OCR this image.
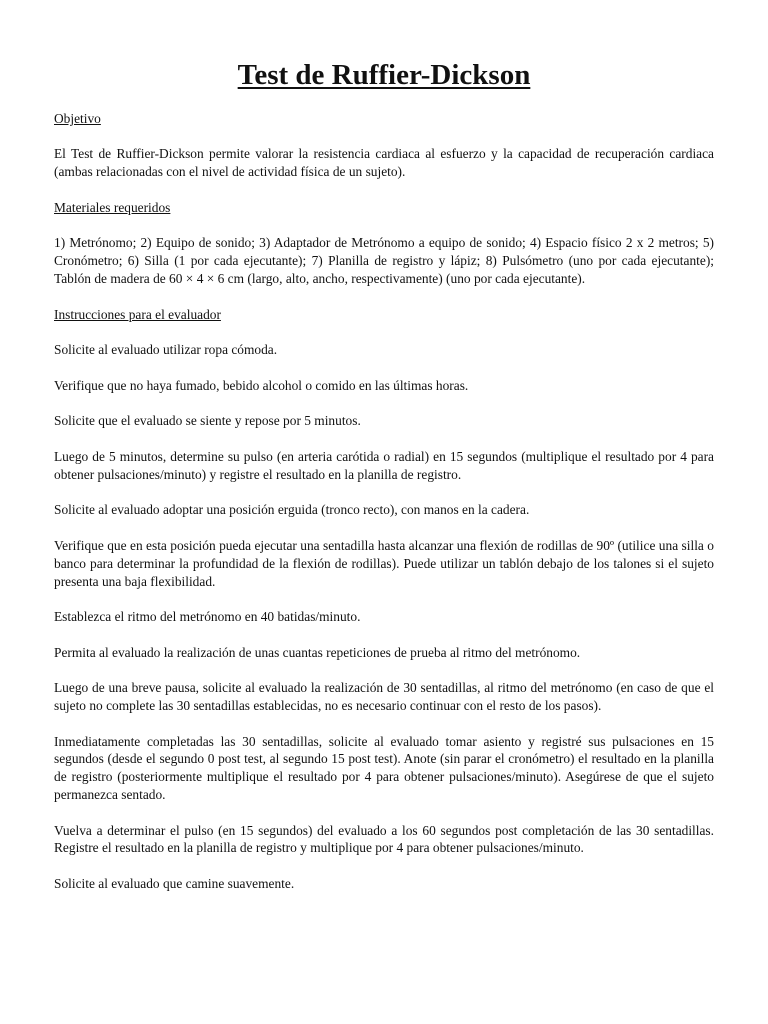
Test de Ruffier-Dickson
Objetivo

El Test de Ruffier-Dickson permite valorar la resistencia cardiaca al esfuerzo y la capacidad de recuperación cardiaca (ambas relacionadas con el nivel de actividad física de un sujeto).

Materiales requeridos

1) Metrónomo; 2) Equipo de sonido; 3) Adaptador de Metrónomo a equipo de sonido; 4) Espacio físico 2 x 2 metros; 5) Cronómetro; 6) Silla (1 por cada ejecutante); 7) Planilla de registro y lápiz; 8) Pulsómetro (uno por cada ejecutante); Tablón de madera de 60 × 4 × 6 cm (largo, alto, ancho, respectivamente) (uno por cada ejecutante).

Instrucciones para el evaluador

Solicite al evaluado utilizar ropa cómoda.

Verifique que no haya fumado, bebido alcohol o comido en las últimas horas.

Solicite que el evaluado se siente y repose por 5 minutos.

Luego de 5 minutos, determine su pulso (en arteria carótida o radial) en 15 segundos (multiplique el resultado por 4 para obtener pulsaciones/minuto) y registre el resultado en la planilla de registro.

Solicite al evaluado adoptar una posición erguida (tronco recto), con manos en la cadera.

Verifique que en esta posición pueda ejecutar una sentadilla hasta alcanzar una flexión de rodillas de 90º (utilice una silla o banco para determinar la profundidad de la flexión de rodillas). Puede utilizar un tablón debajo de los talones si el sujeto presenta una baja flexibilidad.

Establezca el ritmo del metrónomo en 40 batidas/minuto.

Permita al evaluado la realización de unas cuantas repeticiones de prueba al ritmo del metrónomo.

Luego de una breve pausa, solicite al evaluado la realización de 30 sentadillas, al ritmo del metrónomo (en caso de que el sujeto no complete las 30 sentadillas establecidas, no es necesario continuar con el resto de los pasos).

Inmediatamente completadas las 30 sentadillas, solicite al evaluado tomar asiento y registré sus pulsaciones en 15 segundos (desde el segundo 0 post test, al segundo 15 post test). Anote (sin parar el cronómetro) el resultado en la planilla de registro (posteriormente multiplique el resultado por 4 para obtener pulsaciones/minuto). Asegúrese de que el sujeto permanezca sentado.

Vuelva a determinar el pulso (en 15 segundos) del evaluado a los 60 segundos post completación de las 30 sentadillas. Registre el resultado en la planilla de registro y multiplique por 4 para obtener pulsaciones/minuto.

Solicite al evaluado que camine suavemente.
